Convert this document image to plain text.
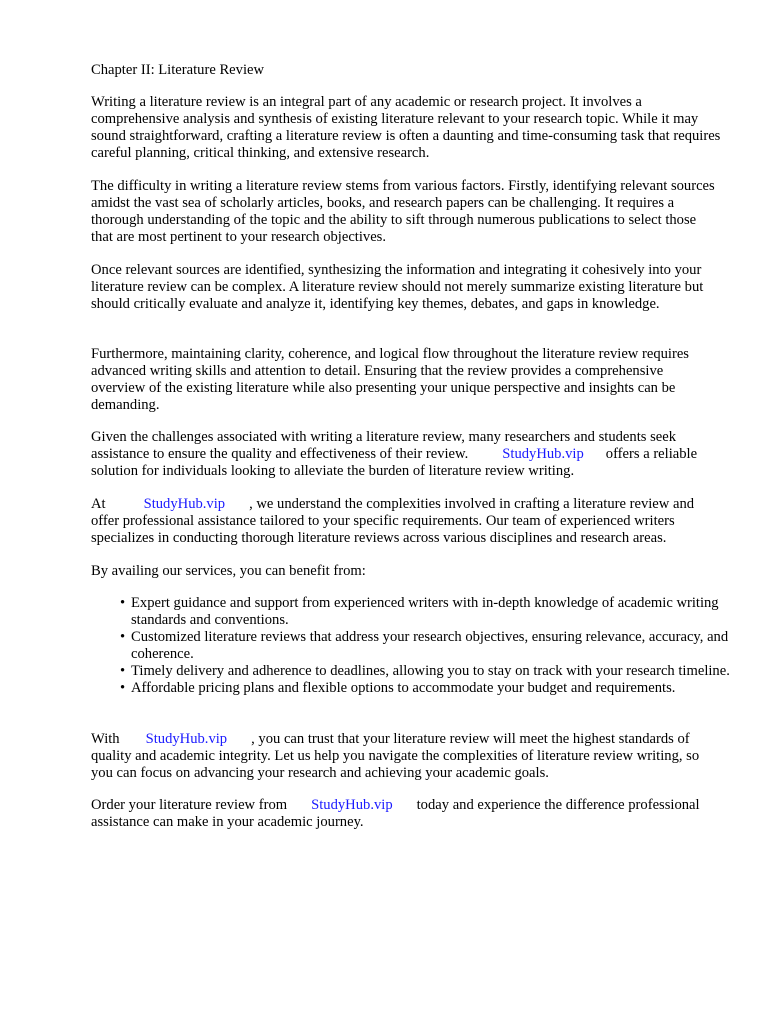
Chapter II: Literature Review

Writing a literature review is an integral part of any academic or research project. It involves a comprehensive analysis and synthesis of existing literature relevant to your research topic. While it may sound straightforward, crafting a literature review is often a daunting and time-consuming task that requires careful planning, critical thinking, and extensive research.

The difficulty in writing a literature review stems from various factors. Firstly, identifying relevant sources amidst the vast sea of scholarly articles, books, and research papers can be challenging. It requires a thorough understanding of the topic and the ability to sift through numerous publications to select those that are most pertinent to your research objectives.

Once relevant sources are identified, synthesizing the information and integrating it cohesively into your literature review can be complex. A literature review should not merely summarize existing literature but should critically evaluate and analyze it, identifying key themes, debates, and gaps in knowledge.

Furthermore, maintaining clarity, coherence, and logical flow throughout the literature review requires advanced writing skills and attention to detail. Ensuring that the review provides a comprehensive overview of the existing literature while also presenting your unique perspective and insights can be demanding.

Given the challenges associated with writing a literature review, many researchers and students seek assistance to ensure the quality and effectiveness of their review. StudyHub.vip offers a reliable solution for individuals looking to alleviate the burden of literature review writing.

At	StudyHub.vip , we understand the complexities involved in crafting a literature review and offer professional assistance tailored to your specific requirements. Our team of experienced writers specializes in conducting thorough literature reviews across various disciplines and research areas.

By availing our services, you can benefit from:

• Expert guidance and support from experienced writers with in-depth knowledge of academic writing standards and conventions.
• Customized literature reviews that address your research objectives, ensuring relevance, accuracy, and coherence.
• Timely delivery and adherence to deadlines, allowing you to stay on track with your research timeline.
• Affordable pricing plans and flexible options to accommodate your budget and requirements.

With StudyHub.vip , you can trust that your literature review will meet the highest standards of quality and academic integrity. Let us help you navigate the complexities of literature review writing, so you can focus on advancing your research and achieving your academic goals.

Order your literature review from StudyHub.vip today and experience the difference professional assistance can make in your academic journey.
